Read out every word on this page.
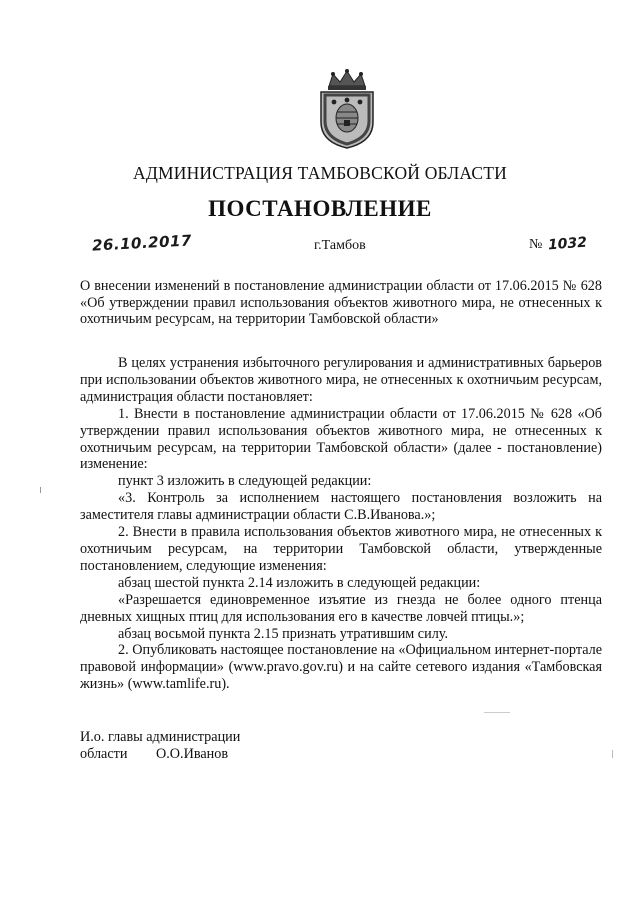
АДМИНИСТРАЦИЯ ТАМБОВСКОЙ ОБЛАСТИ
ПОСТАНОВЛЕНИЕ
26.10.2017	г.Тамбов	№ 1032
О внесении изменений в постановление администрации области от 17.06.2015 № 628 «Об утверждении правил использования объектов животного мира, не отнесенных к охотничьим ресурсам, на территории Тамбовской области»

В целях устранения избыточного регулирования и административных барьеров при использовании объектов животного мира, не отнесенных к охотничьим ресурсам, администрация области постановляет:

1. Внести в постановление администрации области от 17.06.2015 № 628 «Об утверждении правил использования объектов животного мира, не отнесенных к охотничьим ресурсам, на территории Тамбовской области» (далее - постановление) изменение:

пункт 3 изложить в следующей редакции:

«3. Контроль за исполнением настоящего постановления возложить на заместителя главы администрации области С.В.Иванова.»;

2. Внести в правила использования объектов животного мира, не отнесенных к охотничьим ресурсам, на территории Тамбовской области, утвержденные постановлением, следующие изменения:

абзац шестой пункта 2.14 изложить в следующей редакции:

«Разрешается единовременное изъятие из гнезда не более одного птенца дневных хищных птиц для использования его в качестве ловчей птицы.»;

абзац восьмой пункта 2.15 признать утратившим силу.

2. Опубликовать настоящее постановление на «Официальном интернет-портале правовой информации» (www.pravo.gov.ru) и на сайте сетевого издания «Тамбовская жизнь» (www.tamlife.ru).

И.о. главы администрации
области О.О.Иванов
